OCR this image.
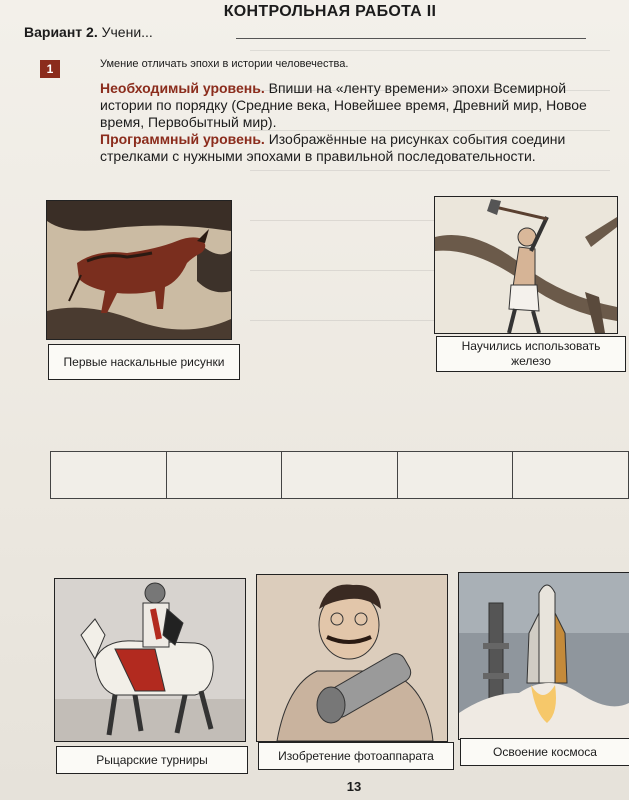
КОНТРОЛЬНАЯ РАБОТА II
Вариант 2. Учени...
1	Умение отличать эпохи в истории человечества.
Необходимый уровень. Впиши на «ленту времени» эпохи Всемирной истории по порядку (Средние века, Новейшее время, Древний мир, Новое время, Первобытный мир).
Программный уровень. Изображённые на рисунках события соедини стрелками с нужными эпохами в правильной последовательности.
Первые наскальные рисунки
Научились использовать железо
Рыцарские турниры	Изобретение фотоаппарата	Освоение космоса
13
